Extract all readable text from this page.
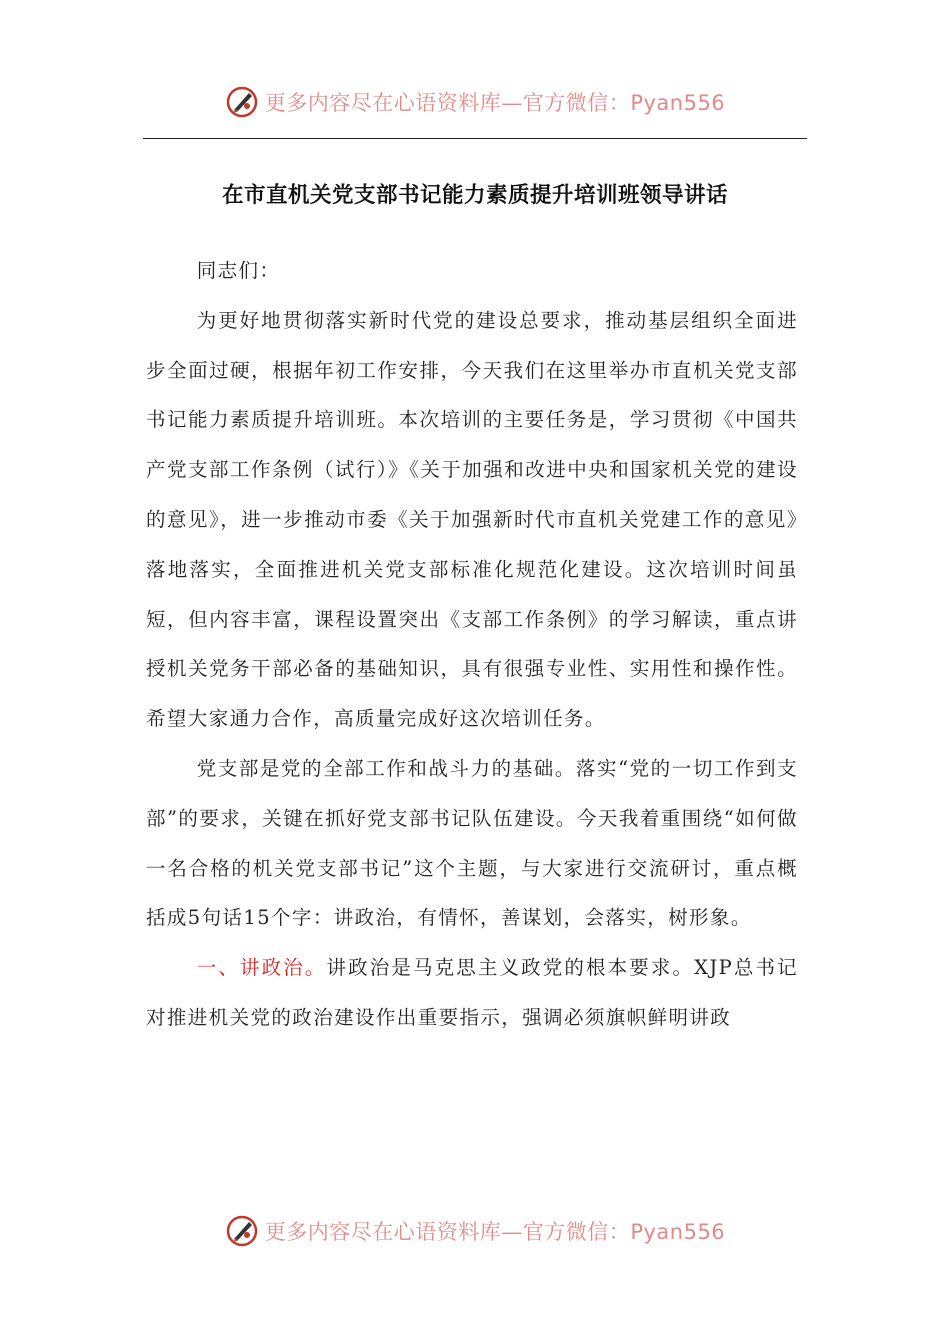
更多内容尽在心语资料库—官方微信：Pyan556
在市直机关党支部书记能力素质提升培训班领导讲话

同志们：

为更好地贯彻落实新时代党的建设总要求，推动基层组织全面进步全面过硬，根据年初工作安排，今天我们在这里举办市直机关党支部书记能力素质提升培训班。本次培训的主要任务是，学习贯彻《中国共产党支部工作条例（试行）》《关于加强和改进中央和国家机关党的建设的意见》，进一步推动市委《关于加强新时代市直机关党建工作的意见》落地落实，全面推进机关党支部标准化规范化建设。这次培训时间虽短，但内容丰富，课程设置突出《支部工作条例》的学习解读，重点讲授机关党务干部必备的基础知识，具有很强专业性、实用性和操作性。希望大家通力合作，高质量完成好这次培训任务。

党支部是党的全部工作和战斗力的基础。落实“党的一切工作到支部”的要求，关键在抓好党支部书记队伍建设。今天我着重围绕“如何做一名合格的机关党支部书记”这个主题，与大家进行交流研讨，重点概括成5句话15个字：讲政治，有情怀，善谋划，会落实，树形象。

一、讲政治。讲政治是马克思主义政党的根本要求。XJP总书记对推进机关党的政治建设作出重要指示，强调必须旗帜鲜明讲政

更多内容尽在心语资料库—官方微信：Pyan556
